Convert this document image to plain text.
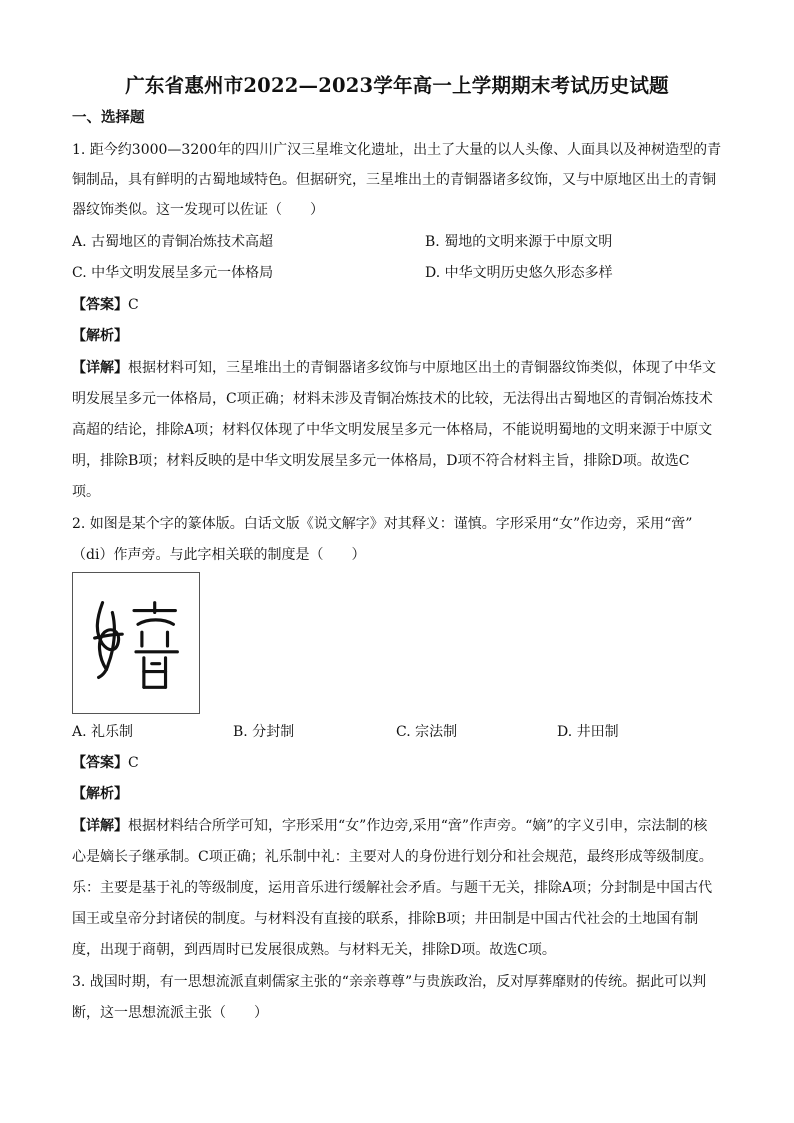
广东省惠州市2022—2023学年高一上学期期末考试历史试题
一、选择题
1. 距今约3000—3200年的四川广汉三星堆文化遗址，出土了大量的以人头像、人面具以及神树造型的青
铜制品，具有鲜明的古蜀地域特色。但据研究，三星堆出土的青铜器诸多纹饰，又与中原地区出土的青铜
器纹饰类似。这一发现可以佐证（　　）
A. 古蜀地区的青铜冶炼技术高超	B. 蜀地的文明来源于中原文明
C. 中华文明发展呈多元一体格局	D. 中华文明历史悠久形态多样
【答案】C
【解析】
【详解】根据材料可知，三星堆出土的青铜器诸多纹饰与中原地区出土的青铜器纹饰类似，体现了中华文
明发展呈多元一体格局，C项正确；材料未涉及青铜冶炼技术的比较，无法得出古蜀地区的青铜冶炼技术
高超的结论，排除A项；材料仅体现了中华文明发展呈多元一体格局，不能说明蜀地的文明来源于中原文
明，排除B项；材料反映的是中华文明发展呈多元一体格局，D项不符合材料主旨，排除D项。故选C
项。
2. 如图是某个字的篆体版。白话文版《说文解字》对其释义：谨慎。字形采用“女”作边旁，采用“啻”
（di）作声旁。与此字相关联的制度是（　　）
A. 礼乐制	B. 分封制	C. 宗法制	D. 井田制
【答案】C
【解析】
【详解】根据材料结合所学可知，字形采用“女”作边旁,采用“啻”作声旁。“嫡”的字义引申，宗法制的核
心是嫡长子继承制。C项正确；礼乐制中礼：主要对人的身份进行划分和社会规范，最终形成等级制度。
乐：主要是基于礼的等级制度，运用音乐进行缓解社会矛盾。与题干无关，排除A项；分封制是中国古代
国王或皇帝分封诸侯的制度。与材料没有直接的联系，排除B项；井田制是中国古代社会的土地国有制
度，出现于商朝，到西周时已发展很成熟。与材料无关，排除D项。故选C项。
3. 战国时期，有一思想流派直刺儒家主张的“亲亲尊尊”与贵族政治，反对厚葬靡财的传统。据此可以判
断，这一思想流派主张（　　）
